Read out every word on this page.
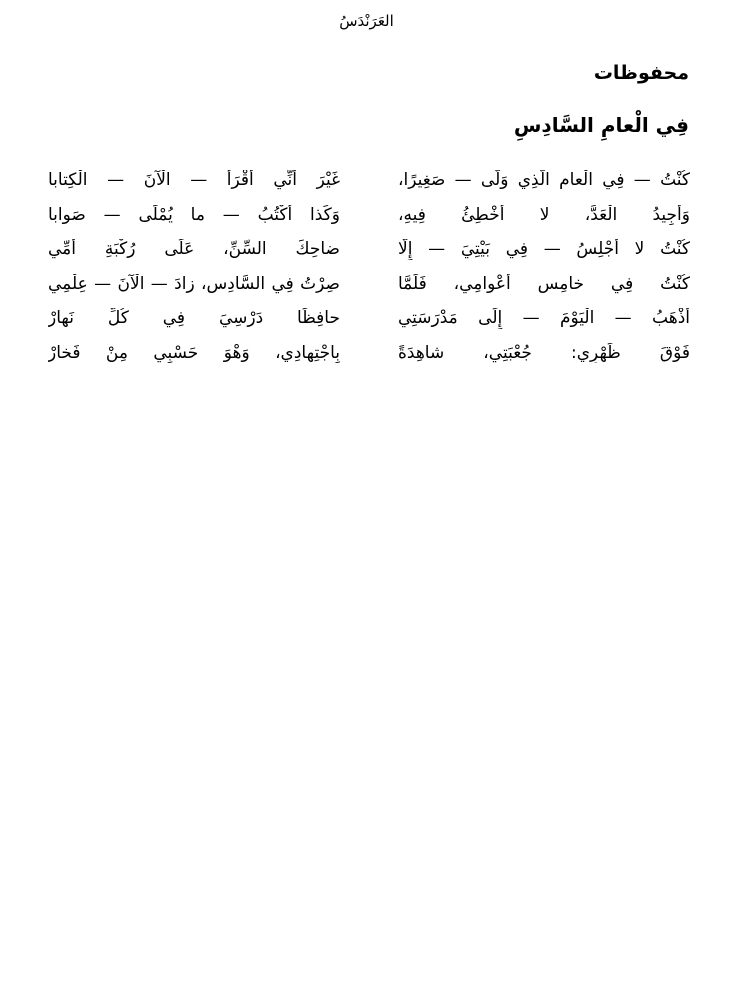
العَرَنْدَسُ
محفوظات
فِي الْعامِ السَّادِسِ
كُنْتُ — فِي الْعامِ الَّذِي وَلَّى — صَغِيرًا،
غَيْرَ أَنِّي أَقْرَأُ — الْآنَ — الْكِتابا
وَأُجِيدُ الْعَدَّ، لا أُخْطِئُ فِيهِ،
وَكَذا أَكْتُبُ — ما يُمْلَى — صَوابا
كُنْتُ لا أَجْلِسُ — فِي بَيْتِيَ — إِلَّا
ضاحِكَ السِّنِّ، عَلَى رُكْبَةِ أُمِّي
كُنْتُ فِي خامِسِ أَعْوامِي، فَلَمَّا
صِرْتُ فِي السَّادِسِ، زادَ — الْآنَ — عِلْمِي
أَذْهَبُ — الْيَوْمَ — إِلَى مَدْرَسَتِي
حافِظًا دَرْسِيَ فِي كُلِّ نَهارْ
فَوْقَ ظَهْرِي: جُعْبَتِي، شاهِدَةً
بِاجْتِهادِي، وَهْوَ حَسْبِي مِنْ فَخارْ
